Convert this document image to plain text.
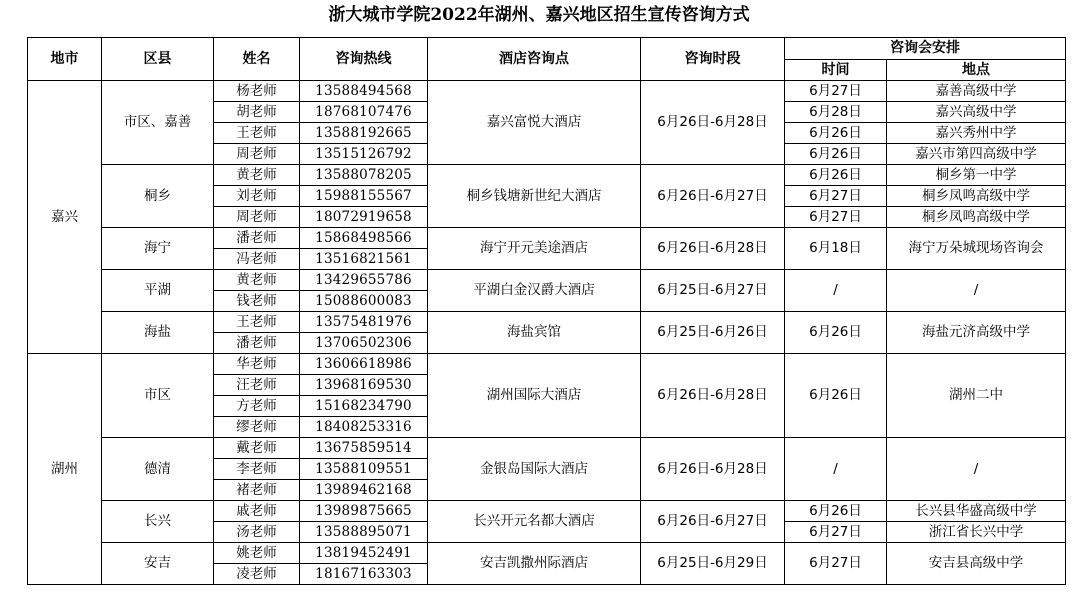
浙大城市学院2022年湖州、嘉兴地区招生宣传咨询方式
地市	区县	姓名	咨询热线	酒店咨询点	咨询时段	咨询会安排	
						时间	地点
嘉兴	市区、嘉善	杨老师	13588494568	嘉兴富悦大酒店	6月26日-6月28日	6月27日	嘉善高级中学
		胡老师	18768107476			6月28日	嘉兴高级中学
		王老师	13588192665			6月26日	嘉兴秀州中学
		周老师	13515126792			6月26日	嘉兴市第四高级中学
	桐乡	黄老师	13588078205	桐乡钱塘新世纪大酒店	6月26日-6月27日	6月26日	桐乡第一中学
		刘老师	15988155567			6月27日	桐乡凤鸣高级中学
		周老师	18072919658			6月27日	桐乡凤鸣高级中学
	海宁	潘老师	15868498566	海宁开元美途酒店	6月26日-6月28日	6月18日	海宁万朵城现场咨询会
		冯老师	13516821561				
	平湖	黄老师	13429655786	平湖白金汉爵大酒店	6月25日-6月27日	/	/
		钱老师	15088600083				
	海盐	王老师	13575481976	海盐宾馆	6月25日-6月26日	6月26日	海盐元济高级中学
		潘老师	13706502306				
湖州	市区	华老师	13606618986	湖州国际大酒店	6月26日-6月28日	6月26日	湖州二中
		汪老师	13968169530				
		方老师	15168234790				
		缪老师	18408253316				
	德清	戴老师	13675859514	金银岛国际大酒店	6月26日-6月28日	/	/
		李老师	13588109551				
		褚老师	13989462168				
	长兴	戚老师	13989875665	长兴开元名都大酒店	6月26日-6月27日	6月26日	长兴县华盛高级中学
		汤老师	13588895071			6月27日	浙江省长兴中学
	安吉	姚老师	13819452491	安吉凯撒州际酒店	6月25日-6月29日	6月27日	安吉县高级中学
		凌老师	18167163303				
